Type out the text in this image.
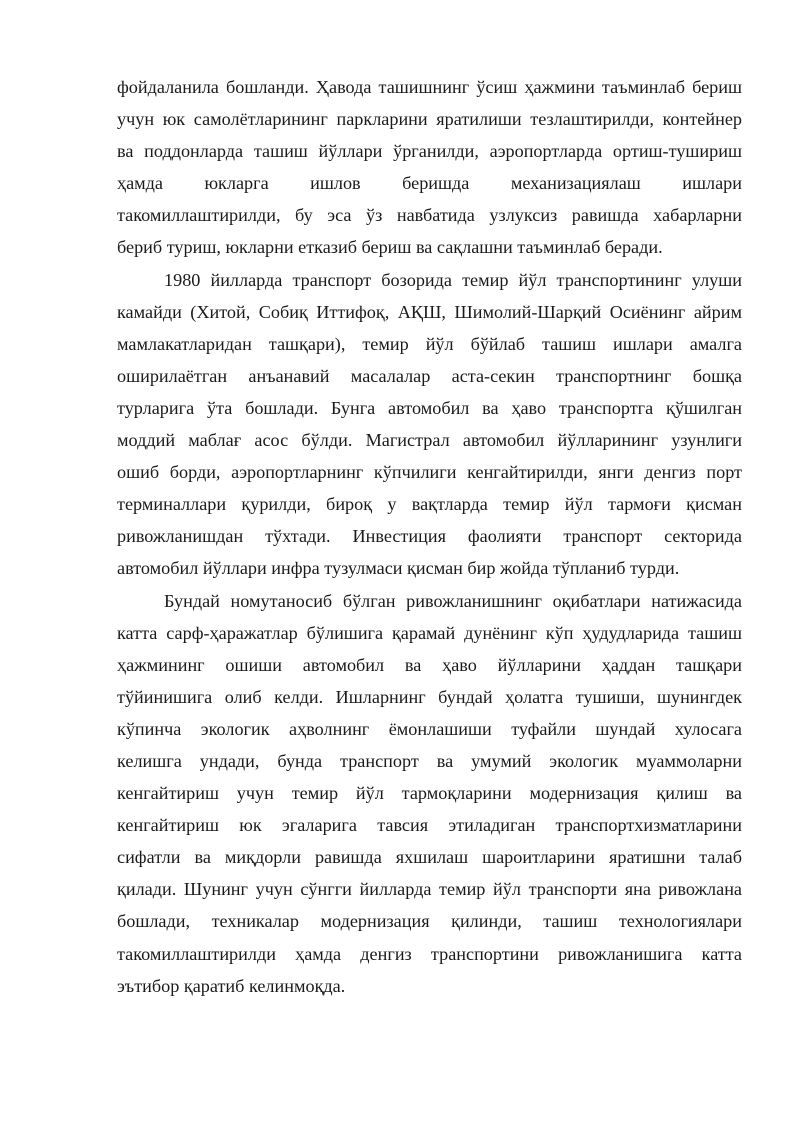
фойдаланила бошланди. Ҳаводa ташишнинг ўсиш ҳажмини таъминлаб бериш
учун юк самолётларининг паркларини яратилиши тезлаштирилди, контейнер
ва поддонларда ташиш йўллари ўрганилди, аэропортларда ортиш-тушириш
ҳамда юкларга ишлов беришда механизациялаш ишлари
такомиллаштирилди, бу эса ўз навбатида узлуксиз равишда хабарларни
бериб туриш, юкларни етказиб бериш ва сақлашни таъминлаб беради.
1980 йилларда транспорт бозорида темир йўл транспортининг улуши
камайди (Хитой, Собиқ Иттифоқ, АҚШ, Шимолий-Шарқий Осиёнинг айрим
мамлакатларидан ташқари), темир йўл бўйлаб ташиш ишлари амалга
оширилаётган анъанавий масалалар аста-секин транспортнинг бошқа
турларига ўта бошлади. Бунга автомобил ва ҳаво транспортга қўшилган
моддий маблағ асос бўлди. Магистрал автомобил йўлларининг узунлиги
ошиб борди, аэропортларнинг кўпчилиги кенгайтирилди, янги денгиз порт
терминаллари қурилди, бироқ у вақтларда темир йўл тармоғи қисман
ривожланишдан тўхтади. Инвестиция фаолияти транспорт секторида
автомобил йўллари инфра тузулмаси қисман бир жойда тўпланиб турди.
Бундай номутаносиб бўлган ривожланишнинг оқибатлари натижасида
катта сарф-ҳаражатлар бўлишига қарамай дунёнинг кўп ҳудудларида ташиш
ҳажмининг ошиши автомобил ва ҳаво йўлларини ҳаддан ташқари
тўйинишига олиб келди. Ишларнинг бундай ҳолатга тушиши, шунингдек
кўпинча экологик аҳволнинг ёмонлашиши туфайли шундай хулосага
келишга ундади, бунда транспорт ва умумий экологик муаммоларни
кенгайтириш учун темир йўл тармоқларини модернизация қилиш ва
кенгайтириш юк эгаларига тавсия этиладиган транспортхизматларини
сифатли ва миқдорли равишда яхшилаш шароитларини яратишни талаб
қилади. Шунинг учун сўнгги йилларда темир йўл транспорти яна ривожлана
бошлади, техникалар модернизация қилинди, ташиш технологиялари
такомиллаштирилди ҳамда денгиз транспортини ривожланишига катта
эътибор қаратиб келинмоқда.
